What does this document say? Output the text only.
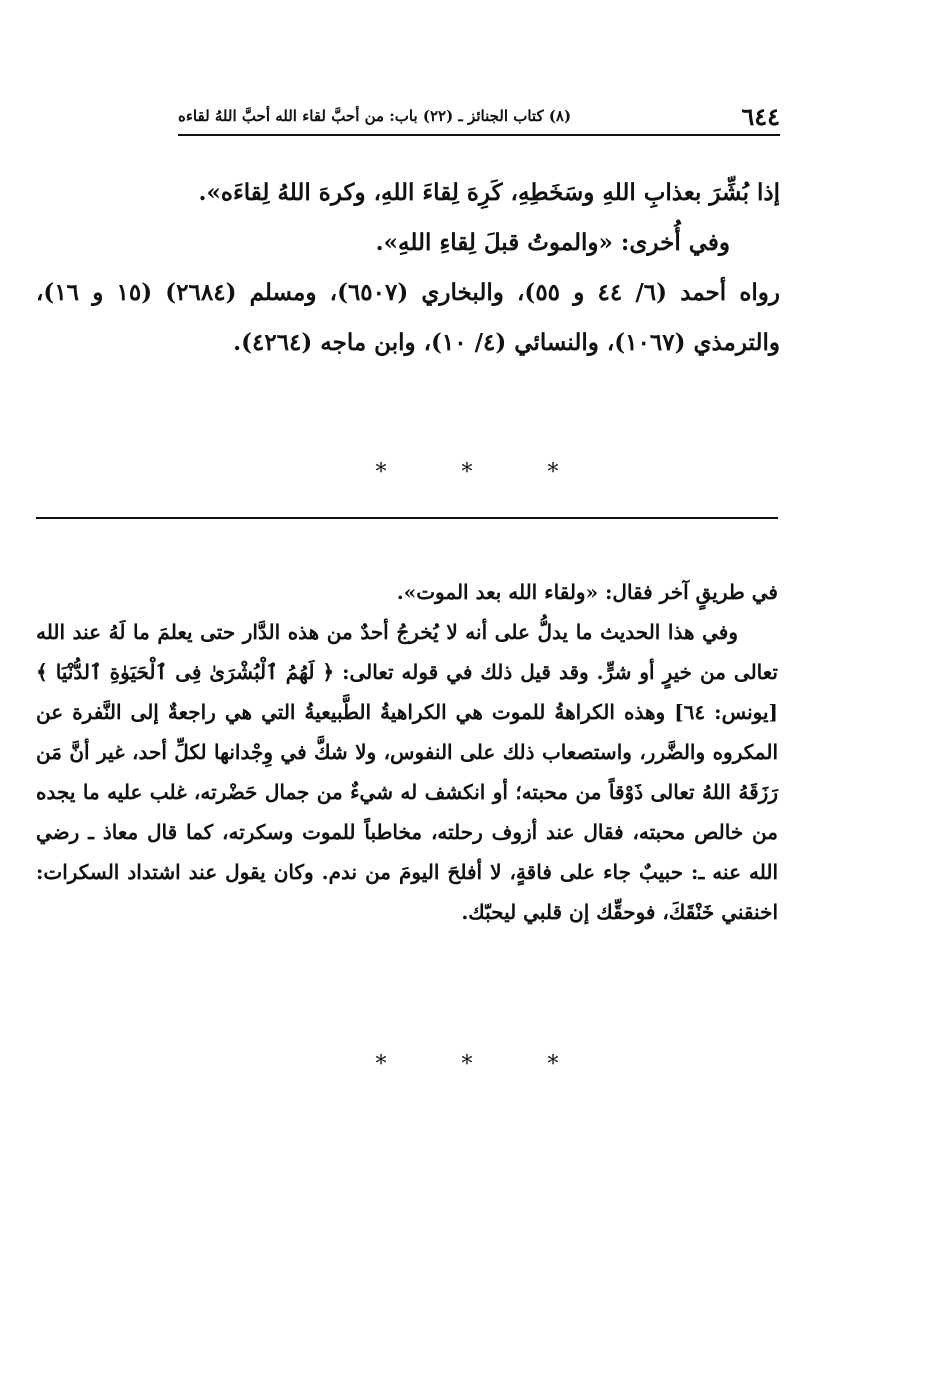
٦٤٤
(٨) كتاب الجنائز ـ (٢٢) باب: من أحبَّ لقاء الله أحبَّ اللهُ لقاءه

إذا بُشِّرَ بعذابِ اللهِ وسَخَطِهِ، كَرِهَ لِقاءَ اللهِ، وكرهَ اللهُ لِقاءَه».

وفي أُخرى: «والموتُ قبلَ لِقاءِ اللهِ».

رواه أحمد (٦/ ٤٤ و ٥٥)، والبخاري (٦٥٠٧)، ومسلم (٢٦٨٤) (١٥ و ١٦)، والترمذي (١٠٦٧)، والنسائي (٤/ ١٠)، وابن ماجه (٤٢٦٤).

* * *

في طريقٍ آخر فقال: «ولقاء الله بعد الموت».

وفي هذا الحديث ما يدلُّ على أنه لا يُخرجُ أحدٌ من هذه الدَّار حتى يعلمَ ما لَهُ عند الله تعالى من خيرٍ أو شرٍّ. وقد قيل ذلك في قوله تعالى: ﴿ لَهُمُ ٱلْبُشْرَىٰ فِى ٱلْحَيَوٰةِ ٱلدُّنْيَا ﴾ [يونس: ٦٤] وهذه الكراهةُ للموت هي الكراهيةُ الطَّبيعيةُ التي هي راجعةٌ إلى النَّفرة عن المكروه والضَّرر، واستصعاب ذلك على النفوس، ولا شكَّ في وِجْدانها لكلِّ أحد، غير أنَّ مَن رَزَقَهُ اللهُ تعالى ذَوْقاً من محبته؛ أو انكشف له شيءٌ من جمال حَضْرته، غلب عليه ما يجده من خالص محبته، فقال عند أزوف رحلته، مخاطباً للموت وسكرته، كما قال معاذ ـ رضي الله عنه ـ: حبيبٌ جاء على فاقةٍ، لا أفلحَ اليومَ من ندم. وكان يقول عند اشتداد السكرات: اخنقني خَنْقَكَ، فوحقِّك إن قلبي ليحبّك.

* * *
